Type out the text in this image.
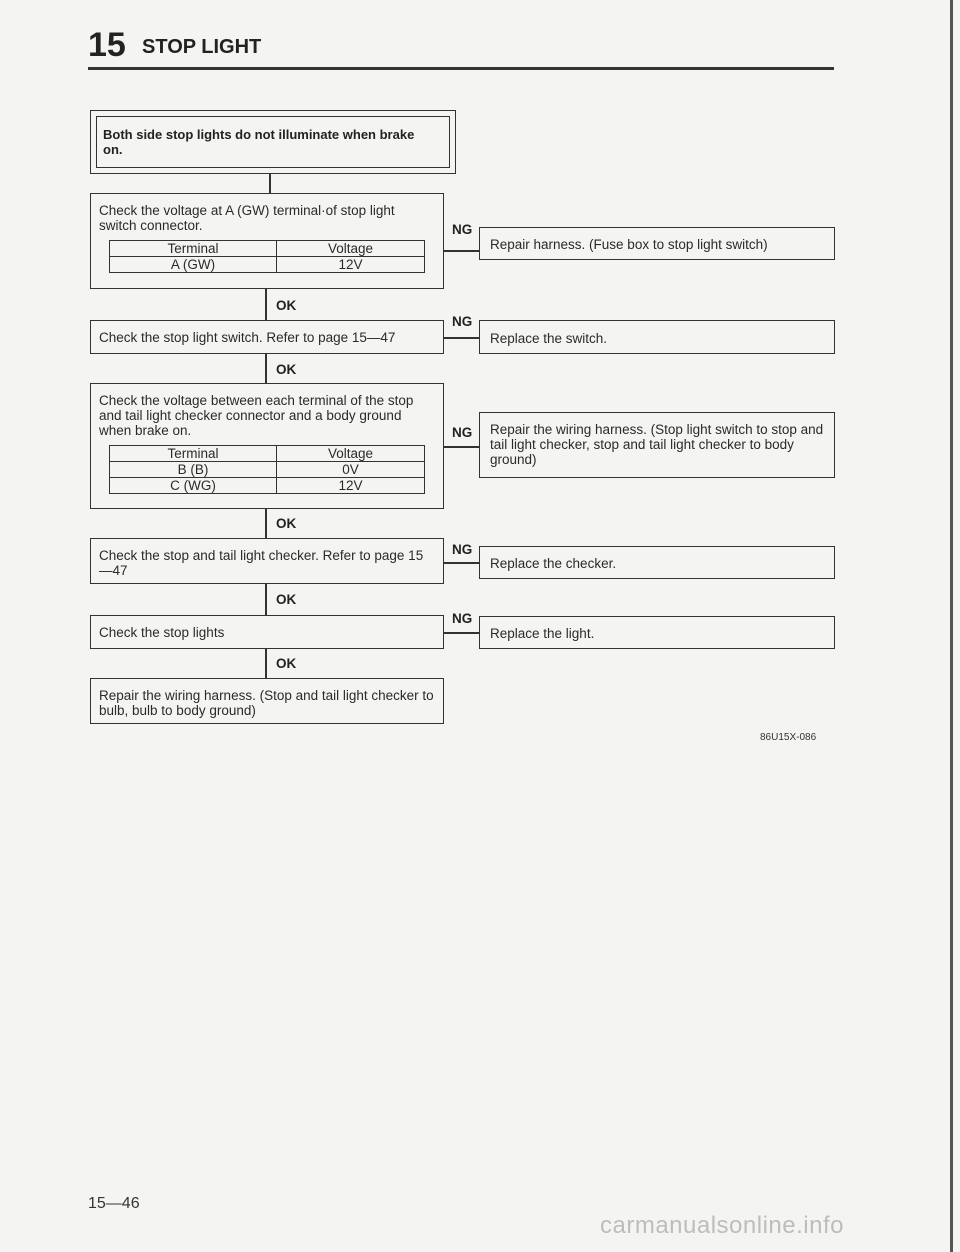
15 STOP LIGHT
Both side stop lights do not illuminate when brake on.
Check the voltage at A (GW) terminal·of stop light switch connector.
Terminal	Voltage
A (GW)	12V
NG
Repair harness. (Fuse box to stop light switch)
OK
Check the stop light switch. Refer to page 15—47
NG
Replace the switch.
OK
Check the voltage between each terminal of the stop and tail light checker connector and a body ground when brake on.
Terminal	Voltage
B (B)	0V
C (WG)	12V
NG Repair the wiring harness. (Stop light switch to stop and tail light checker, stop and tail light checker to body ground)
OK
Check the stop and tail light checker. Refer to page 15—47
NG
Replace the checker.
OK
Check the stop lights
NG
Replace the light.
OK
Repair the wiring harness. (Stop and tail light checker to bulb, bulb to body ground)
86U15X-086
15—46
carmanualsonline.info
